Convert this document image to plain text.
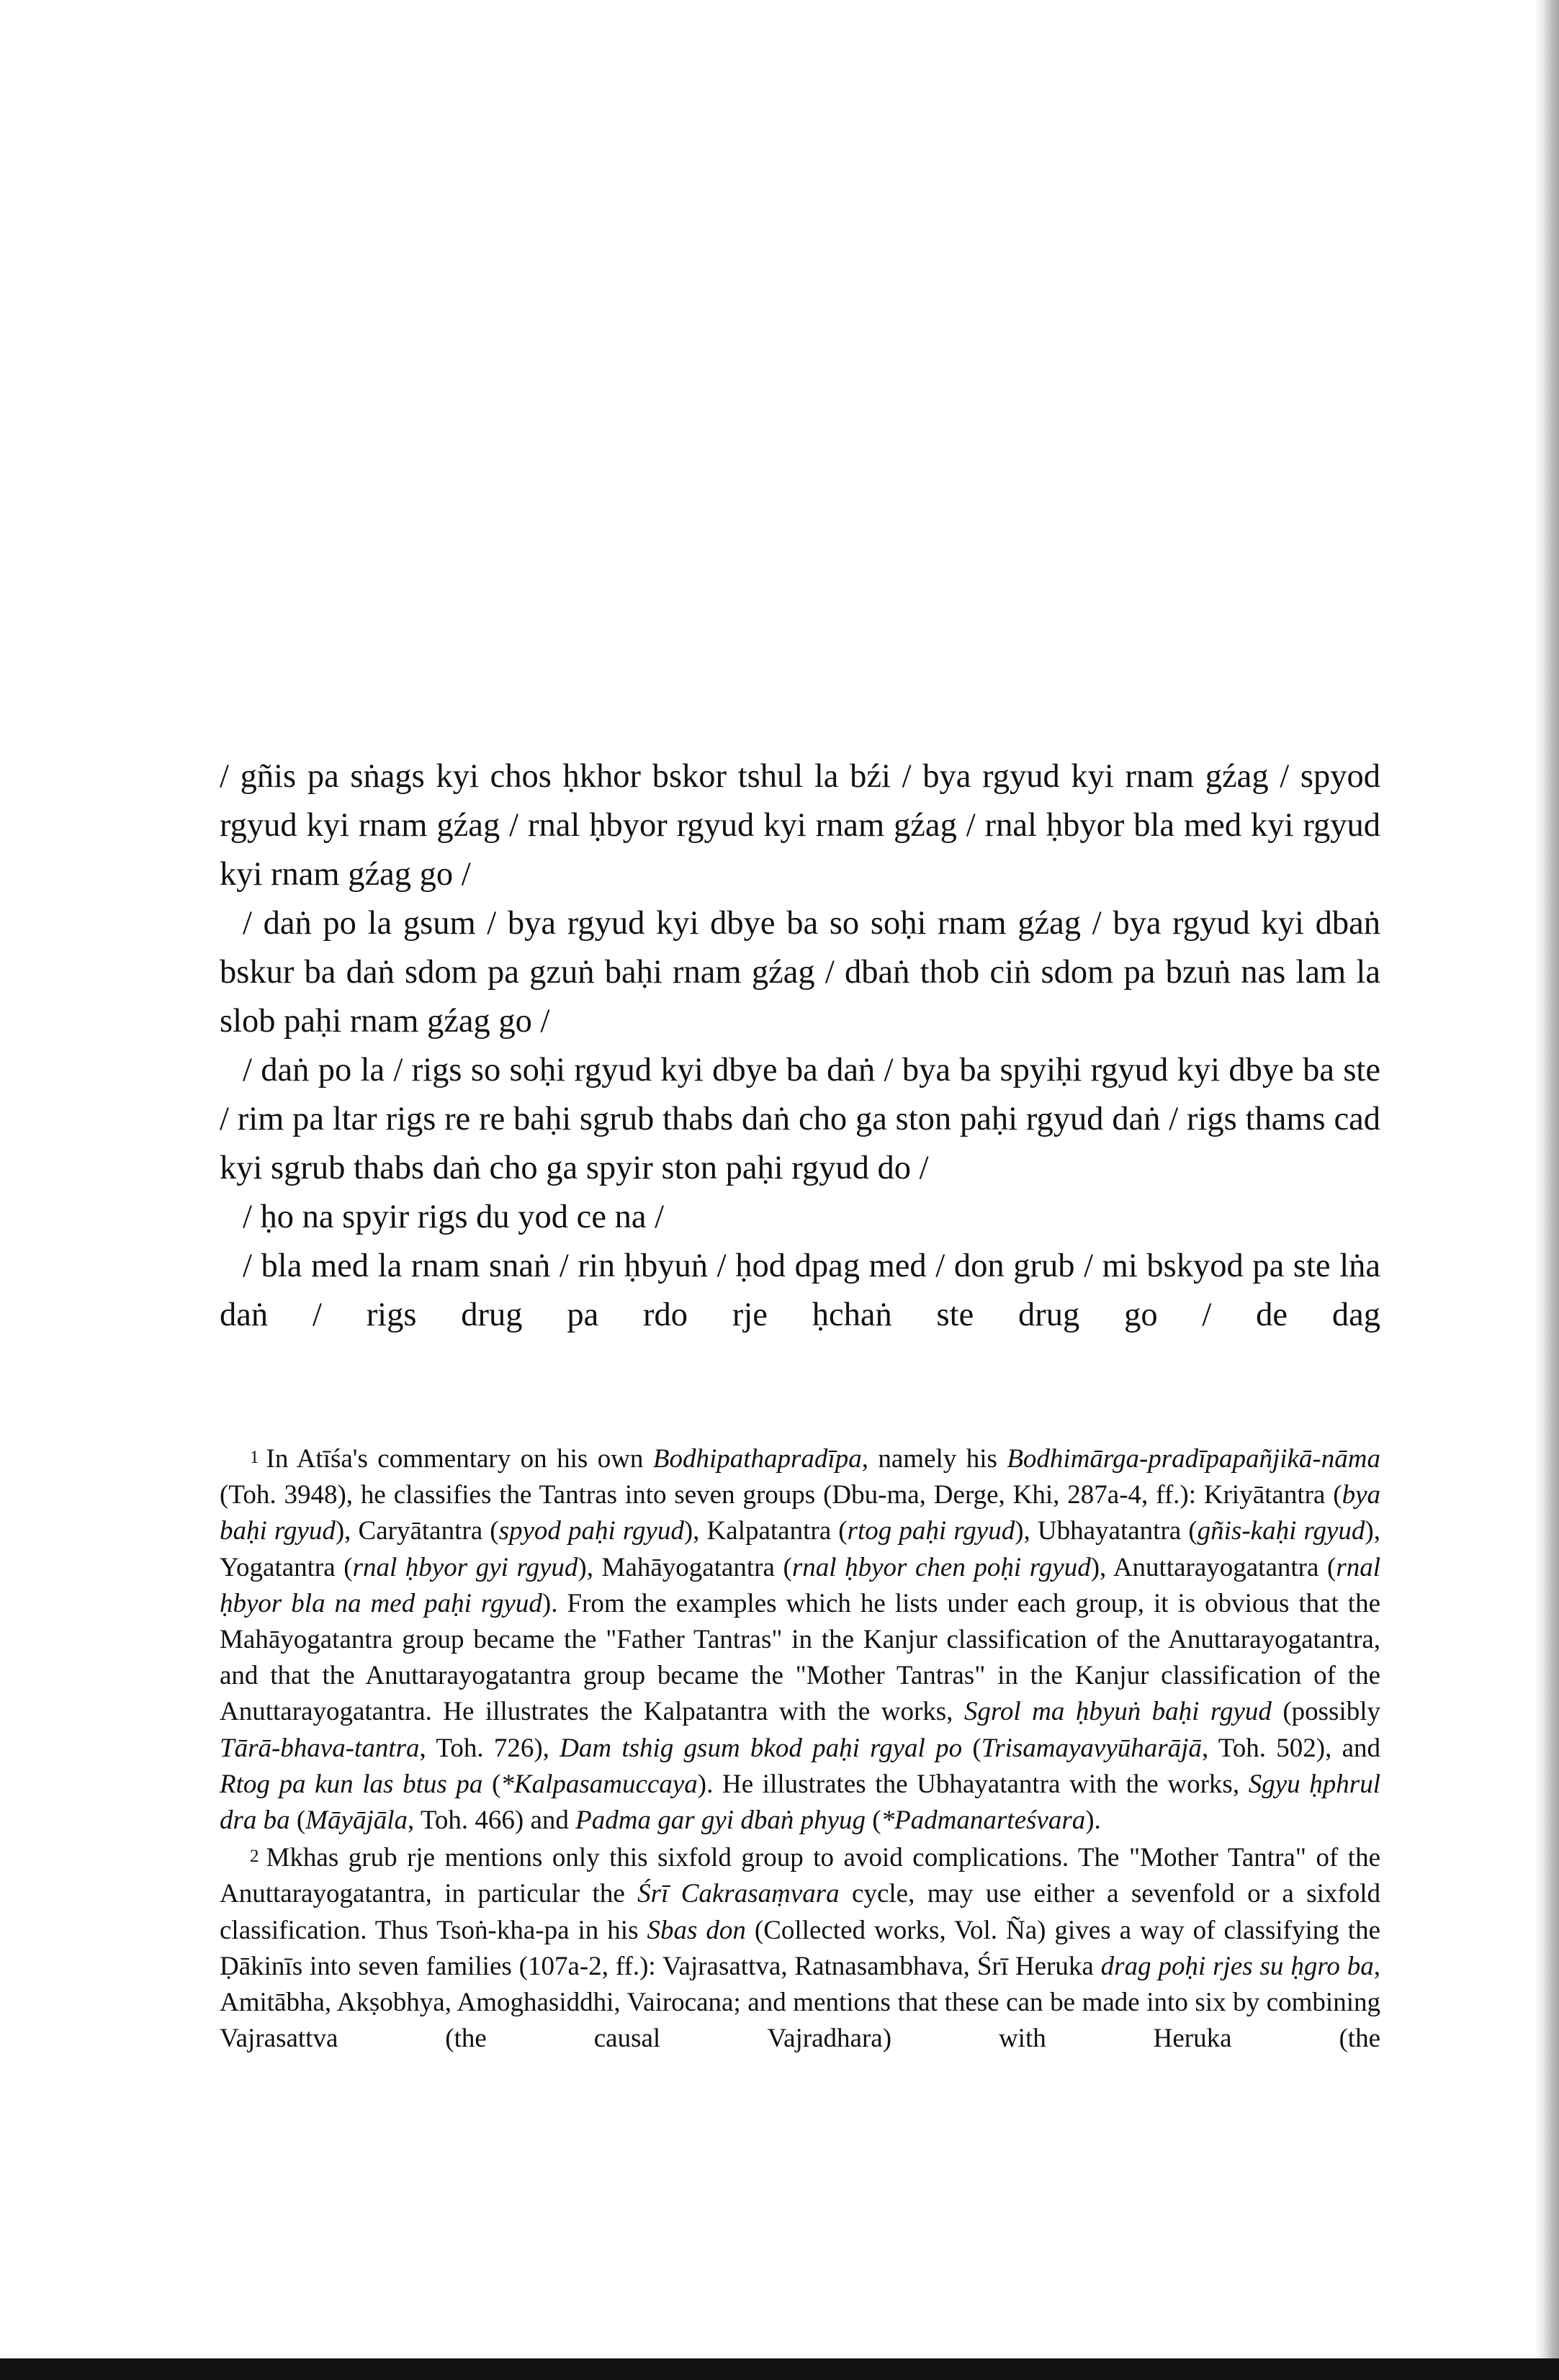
/ gñis pa sṅags kyi chos ḥkhor bskor tshul la bźi / bya rgyud kyi rnam gźag / spyod rgyud kyi rnam gźag / rnal ḥbyor rgyud kyi rnam gźag / rnal ḥbyor bla med kyi rgyud kyi rnam gźag go /

/ daṅ po la gsum / bya rgyud kyi dbye ba so soḥi rnam gźag / bya rgyud kyi dbaṅ bskur ba daṅ sdom pa gzuṅ baḥi rnam gźag / dbaṅ thob ciṅ sdom pa bzuṅ nas lam la slob paḥi rnam gźag go /

/ daṅ po la / rigs so soḥi rgyud kyi dbye ba daṅ / bya ba spyiḥi rgyud kyi dbye ba ste / rim pa ltar rigs re re baḥi sgrub thabs daṅ cho ga ston paḥi rgyud daṅ / rigs thams cad kyi sgrub thabs daṅ cho ga spyir ston paḥi rgyud do /

/ ḥo na spyir rigs du yod ce na /

/ bla med la rnam snaṅ / rin ḥbyuṅ / ḥod dpag med / don grub / mi bskyod pa ste lṅa daṅ / rigs drug pa rdo rje ḥchaṅ ste drug go / de dag

1 In Atīśa's commentary on his own Bodhipathapradīpa, namely his Bodhimārga-pradīpapañjikā-nāma (Toh. 3948), he classifies the Tantras into seven groups (Dbu-ma, Derge, Khi, 287a-4, ff.): Kriyātantra (bya baḥi rgyud), Caryātantra (spyod paḥi rgyud), Kalpatantra (rtog paḥi rgyud), Ubhayatantra (gñis-kaḥi rgyud), Yogatantra (rnal ḥbyor gyi rgyud), Mahāyogatantra (rnal ḥbyor chen poḥi rgyud), Anuttarayogatantra (rnal ḥbyor bla na med paḥi rgyud). From the examples which he lists under each group, it is obvious that the Mahāyogatantra group became the "Father Tantras" in the Kanjur classification of the Anuttarayogatantra, and that the Anuttarayogatantra group became the "Mother Tantras" in the Kanjur classification of the Anuttarayogatantra. He illustrates the Kalpatantra with the works, Sgrol ma ḥbyuṅ baḥi rgyud (possibly Tārā-bhava-tantra, Toh. 726), Dam tshig gsum bkod paḥi rgyal po (Trisamayavyūharājā, Toh. 502), and Rtog pa kun las btus pa (*Kalpasamuccaya). He illustrates the Ubhayatantra with the works, Sgyu ḥphrul dra ba (Māyājāla, Toh. 466) and Padma gar gyi dbaṅ phyug (*Padmanarteśvara).

2 Mkhas grub rje mentions only this sixfold group to avoid complications. The "Mother Tantra" of the Anuttarayogatantra, in particular the Śrī Cakrasaṃvara cycle, may use either a sevenfold or a sixfold classification. Thus Tsoṅ-kha-pa in his Sbas don (Collected works, Vol. Ña) gives a way of classifying the Ḍākinīs into seven families (107a-2, ff.): Vajrasattva, Ratnasambhava, Śrī Heruka drag poḥi rjes su ḥgro ba, Amitābha, Akṣobhya, Amoghasiddhi, Vairocana; and mentions that these can be made into six by combining Vajrasattva (the causal Vajradhara) with Heruka (the
